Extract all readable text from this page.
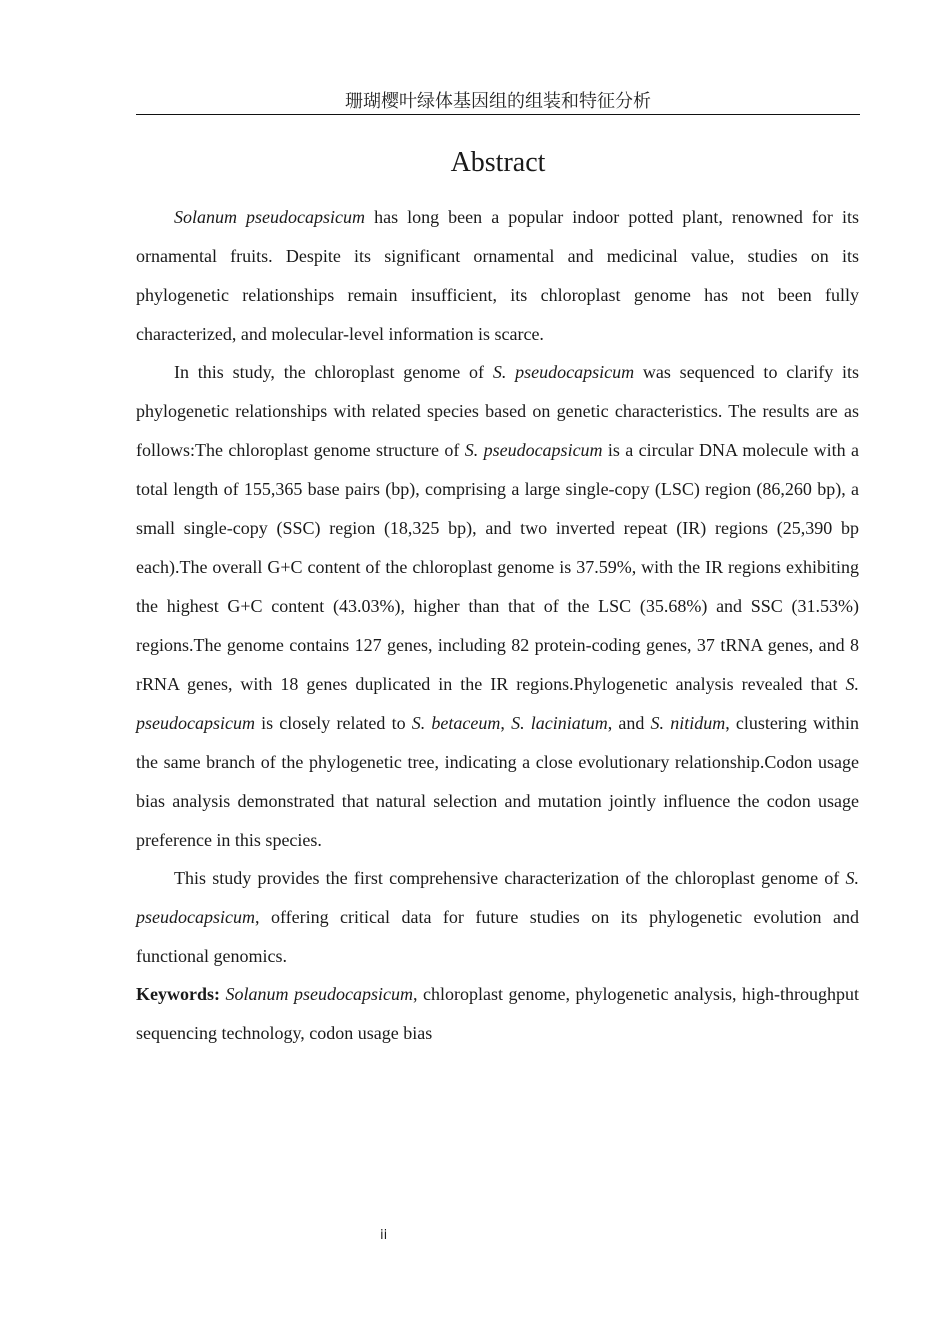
珊瑚樱叶绿体基因组的组装和特征分析
Abstract

Solanum pseudocapsicum has long been a popular indoor potted plant, renowned for its ornamental fruits. Despite its significant ornamental and medicinal value, studies on its phylogenetic relationships remain insufficient, its chloroplast genome has not been fully characterized, and molecular-level information is scarce.

In this study, the chloroplast genome of S. pseudocapsicum was sequenced to clarify its phylogenetic relationships with related species based on genetic characteristics. The results are as follows:The chloroplast genome structure of S. pseudocapsicum is a circular DNA molecule with a total length of 155,365 base pairs (bp), comprising a large single-copy (LSC) region (86,260 bp), a small single-copy (SSC) region (18,325 bp), and two inverted repeat (IR) regions (25,390 bp each).The overall G+C content of the chloroplast genome is 37.59%, with the IR regions exhibiting the highest G+C content (43.03%), higher than that of the LSC (35.68%) and SSC (31.53%) regions.The genome contains 127 genes, including 82 protein-coding genes, 37 tRNA genes, and 8 rRNA genes, with 18 genes duplicated in the IR regions.Phylogenetic analysis revealed that S. pseudocapsicum is closely related to S. betaceum, S. laciniatum, and S. nitidum, clustering within the same branch of the phylogenetic tree, indicating a close evolutionary relationship.Codon usage bias analysis demonstrated that natural selection and mutation jointly influence the codon usage preference in this species.

This study provides the first comprehensive characterization of the chloroplast genome of S. pseudocapsicum, offering critical data for future studies on its phylogenetic evolution and functional genomics.

Keywords: Solanum pseudocapsicum, chloroplast genome, phylogenetic analysis, high-throughput sequencing technology, codon usage bias

ii
